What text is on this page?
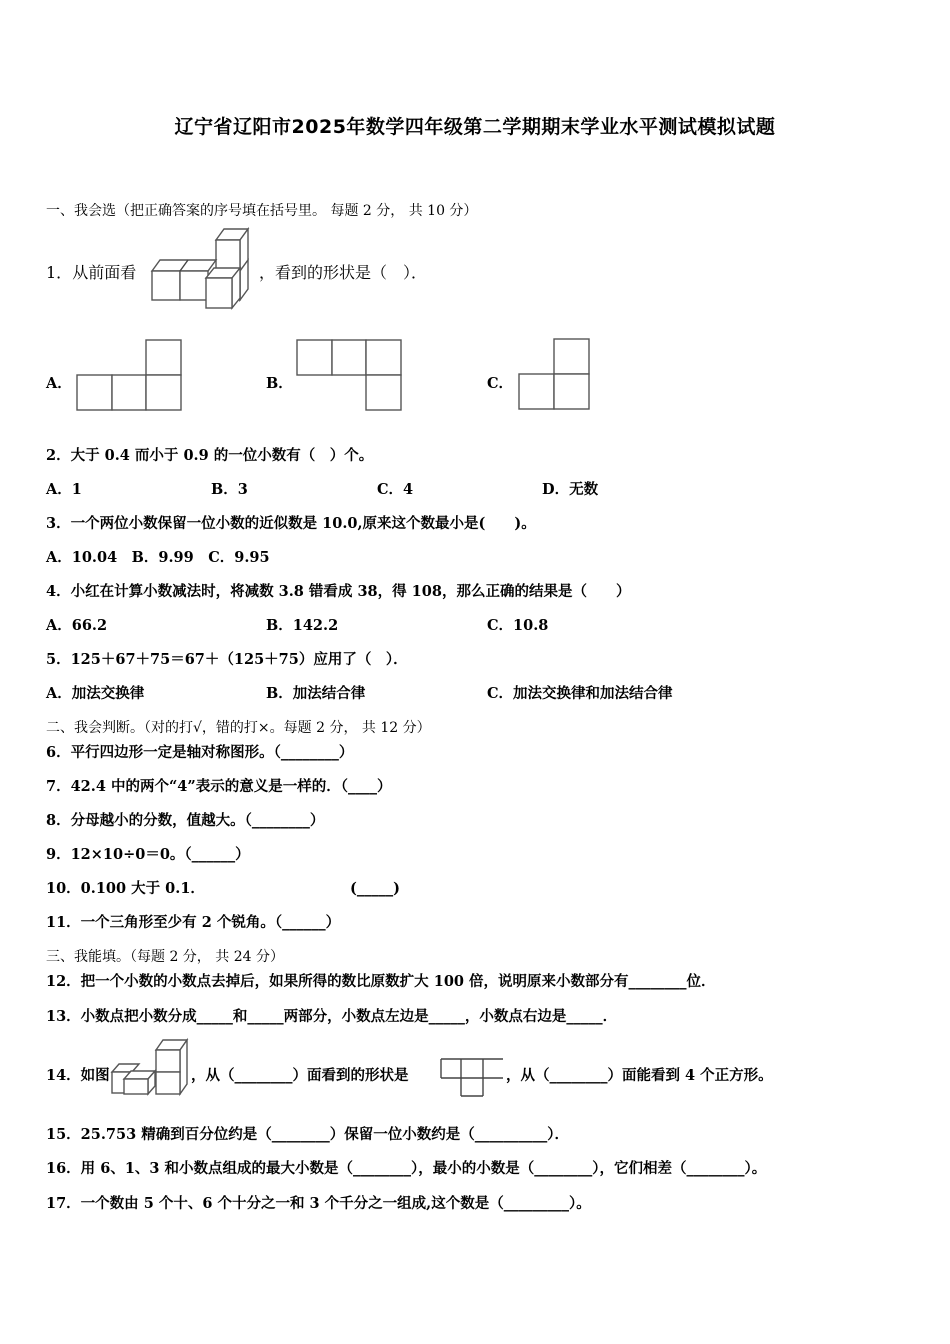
辽宁省辽阳市2025年数学四年级第二学期期末学业水平测试模拟试题
一、我会选（把正确答案的序号填在括号里。 每题 2 分， 共 10 分）
1．从前面看	，看到的形状是（　）．
A．	B．	C．
2．大于 0.4 而小于 0.9 的一位小数有（　）个。
A．1	B．3	C．4	D．无数
3．一个两位小数保留一位小数的近似数是 10.0,原来这个数最小是(　　)。
A．10.04　B．9.99　C．9.95
4．小红在计算小数减法时，将减数 3.8 错看成 38，得 108，那么正确的结果是（　　）
A．66.2	B．142.2	C．10.8
5．125＋67＋75＝67＋（125＋75）应用了（　）．
A．加法交换律	B．加法结合律	C．加法交换律和加法结合律
二、我会判断。（对的打√，错的打×。每题 2 分， 共 12 分）
6．平行四边形一定是轴对称图形。（________）
7．42.4 中的两个“4”表示的意义是一样的．（____）
8．分母越小的分数，值越大。（________）
9．12×10÷0＝0。（______）
10．0.100 大于 0.1．	(_____)
11．一个三角形至少有 2 个锐角。（______）
三、我能填。（每题 2 分， 共 24 分）
12．把一个小数的小数点去掉后，如果所得的数比原数扩大 100 倍，说明原来小数部分有________位．
13．小数点把小数分成_____和_____两部分，小数点左边是_____，小数点右边是_____．
14．如图	，从（________）面看到的形状是	，从（________）面能看到 4 个正方形。
15．25.753 精确到百分位约是（________）保留一位小数约是（__________）．
16．用 6、1、3 和小数点组成的最大小数是（________），最小的小数是（________），它们相差（________）。
17．一个数由 5 个十、6 个十分之一和 3 个千分之一组成,这个数是（_________）。
